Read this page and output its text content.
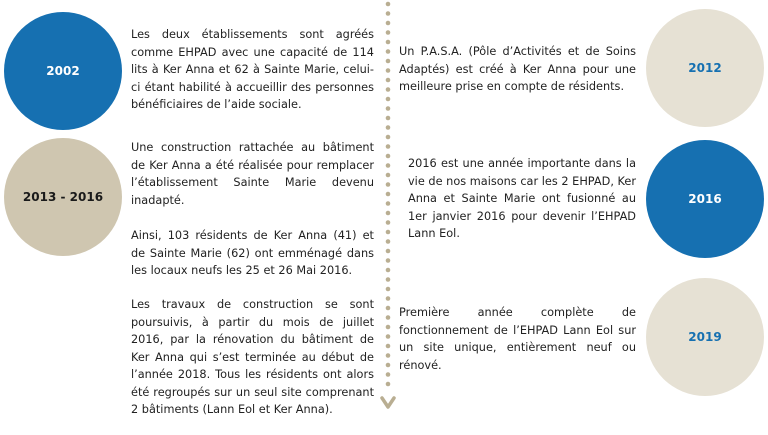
2002

Les deux établissements sont agréés comme EHPAD avec une capacité de 114 lits à Ker Anna et 62 à Sainte Marie, celui-ci étant habilité à accueillir des personnes bénéficiaires de l’aide sociale.

2013 - 2016

Une construction rattachée au bâtiment de Ker Anna a été réalisée pour remplacer l’établissement Sainte Marie devenu inadapté.

Ainsi, 103 résidents de Ker Anna (41) et de Sainte Marie (62) ont emménagé dans les locaux neufs les 25 et 26 Mai 2016.

Les travaux de construction se sont poursuivis, à partir du mois de juillet 2016, par la rénovation du bâtiment de Ker Anna qui s’est terminée au début de l’année 2018. Tous les résidents ont alors été regroupés sur un seul site comprenant 2 bâtiments (Lann Eol et Ker Anna).

Un P.A.S.A. (Pôle d’Activités et de Soins Adaptés) est créé à Ker Anna pour une meilleure prise en compte de résidents.

2012

2016 est une année importante dans la vie de nos maisons car les 2 EHPAD, Ker Anna et Sainte Marie ont fusionné au 1er janvier 2016 pour devenir l’EHPAD Lann Eol.

2016

Première année complète de fonctionnement de l’EHPAD Lann Eol sur un site unique, entièrement neuf ou rénové.

2019
